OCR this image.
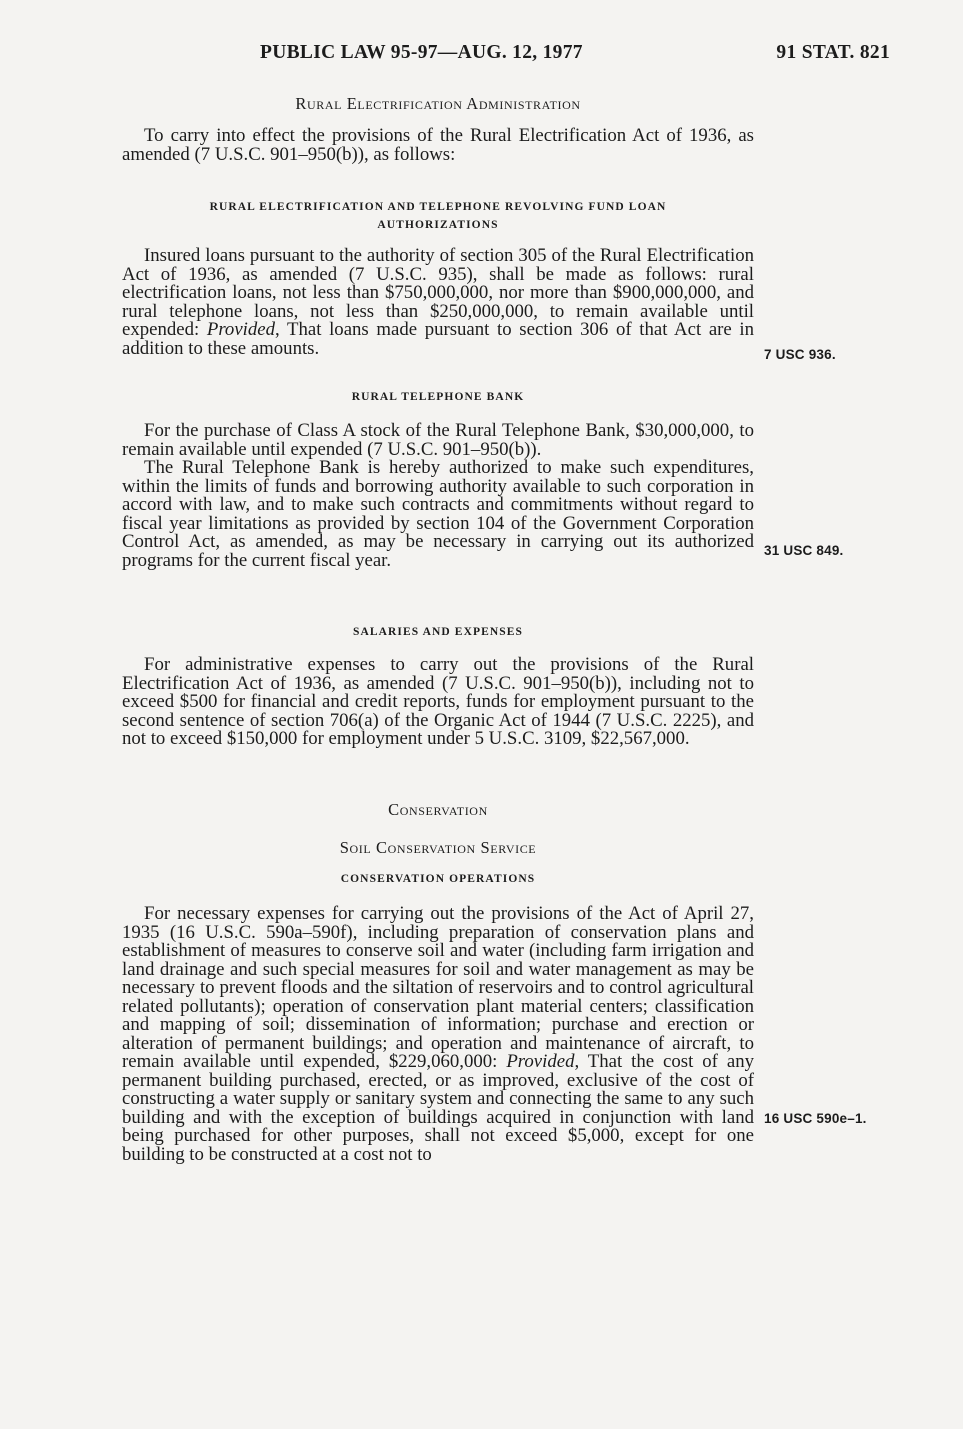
PUBLIC LAW 95-97—AUG. 12, 1977	91 STAT. 821
Rural Electrification Administration

To carry into effect the provisions of the Rural Electrification Act of 1936, as amended (7 U.S.C. 901–950(b)), as follows:

RURAL ELECTRIFICATION AND TELEPHONE REVOLVING FUND LOAN
AUTHORIZATIONS

Insured loans pursuant to the authority of section 305 of the Rural Electrification Act of 1936, as amended (7 U.S.C. 935), shall be made as follows: rural electrification loans, not less than $750,000,000, nor more than $900,000,000, and rural telephone loans, not less than $250,000,000, to remain available until expended: Provided, That loans made pursuant to section 306 of that Act are in addition to these amounts.	7 USC 936.
RURAL TELEPHONE BANK

For the purchase of Class A stock of the Rural Telephone Bank, $30,000,000, to remain available until expended (7 U.S.C. 901–950(b)).

The Rural Telephone Bank is hereby authorized to make such expenditures, within the limits of funds and borrowing authority available to such corporation in accord with law, and to make such contracts and commitments without regard to fiscal year limitations as provided by section 104 of the Government Corporation Control Act, as amended, as may be necessary in carrying out its authorized programs for the current fiscal year.	31 USC 849.
SALARIES AND EXPENSES

For administrative expenses to carry out the provisions of the Rural Electrification Act of 1936, as amended (7 U.S.C. 901–950(b)), including not to exceed $500 for financial and credit reports, funds for employment pursuant to the second sentence of section 706(a) of the Organic Act of 1944 (7 U.S.C. 2225), and not to exceed $150,000 for employment under 5 U.S.C. 3109, $22,567,000.

Conservation
Soil Conservation Service
CONSERVATION OPERATIONS

For necessary expenses for carrying out the provisions of the Act of April 27, 1935 (16 U.S.C. 590a–590f), including preparation of conservation plans and establishment of measures to conserve soil and water (including farm irrigation and land drainage and such special measures for soil and water management as may be necessary to prevent floods and the siltation of reservoirs and to control agricultural related pollutants); operation of conservation plant material centers; classification and mapping of soil; dissemination of information; purchase and erection or alteration of permanent buildings; and operation and maintenance of aircraft, to remain available until expended, $229,060,000: Provided, That the cost of any permanent building purchased, erected, or as improved, exclusive of the cost of constructing a water supply or sanitary system and connecting the same to any such building and with the exception of buildings acquired in conjunction with land being purchased for other purposes, shall not exceed $5,000, except for one building to be constructed at a cost not to

16 USC 590e–1.
